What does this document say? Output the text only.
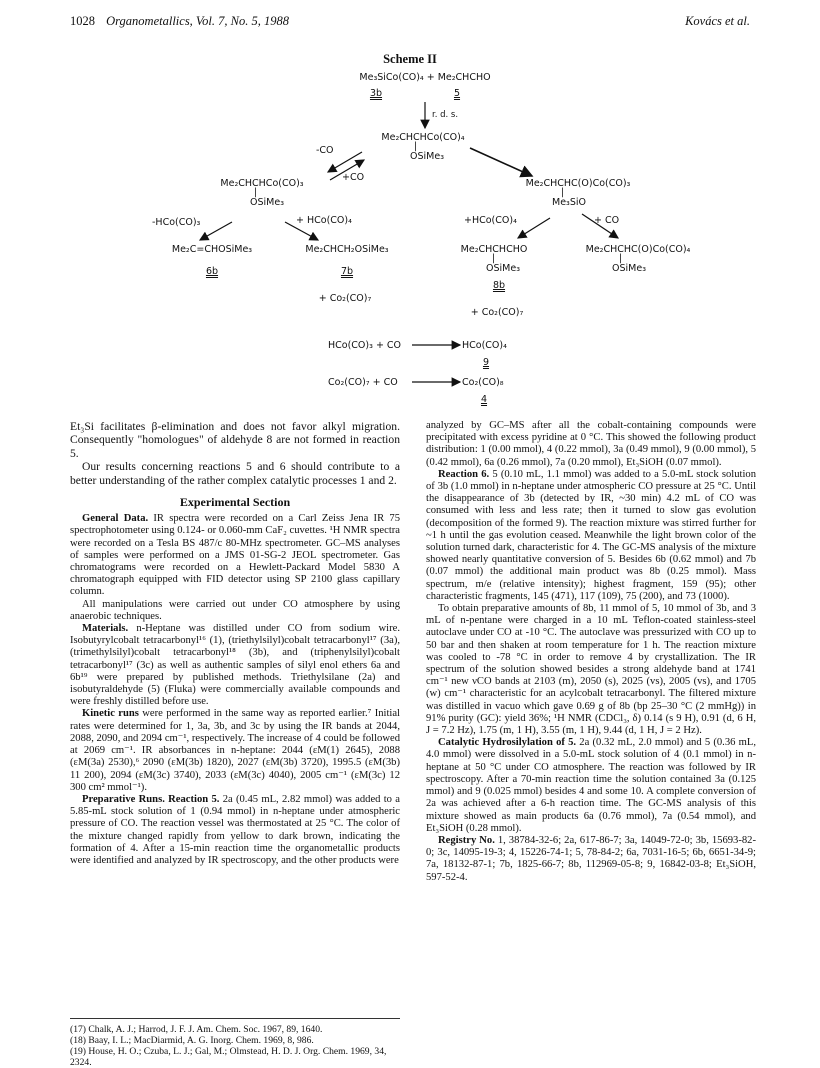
1028 Organometallics, Vol. 7, No. 5, 1988	Kovács et al.
Scheme II
Me₃SiCo(CO)₄ + Me₂CHCHO
3b	5
r. d. s.
Me₂CHCHCo(CO)₄
|
OSiMe₃
-CO
+CO
Me₂CHCHCo(CO)₃
|
OSiMe₃
Me₂CHCHC(O)Co(CO)₃
|
Me₃SiO
-HCo(CO)₃	+ HCo(CO)₄	+HCo(CO)₄	+ CO
Me₂C=CHOSiMe₃
6b
Me₂CHCH₂OSiMe₃
7b
+ Co₂(CO)₇
Me₂CHCHCHO
|
OSiMe₃
8b
+ Co₂(CO)₇
Me₂CHCHC(O)Co(CO)₄
|
OSiMe₃
HCo(CO)₃ + CO	HCo(CO)₄
9
Co₂(CO)₇ + CO	Co₂(CO)₈
4

Et₃Si facilitates β-elimination and does not favor alkyl migration. Consequently "homologues" of aldehyde 8 are not formed in reaction 5.

Our results concerning reactions 5 and 6 should contribute to a better understanding of the rather complex catalytic processes 1 and 2.

Experimental Section

General Data. IR spectra were recorded on a Carl Zeiss Jena IR 75 spectrophotometer using 0.124- or 0.060-mm CaF₂ cuvettes. ¹H NMR spectra were recorded on a Tesla BS 487/c 80-MHz spectrometer. GC–MS analyses of samples were performed on a JMS 01-SG-2 JEOL spectrometer. Gas chromatograms were recorded on a Hewlett-Packard Model 5830 A chromatograph equipped with FID detector using SP 2100 glass capillary column.

All manipulations were carried out under CO atmosphere by using anaerobic techniques.

Materials. n-Heptane was distilled under CO from sodium wire. Isobutyrylcobalt tetracarbonyl¹⁶ (1), (triethylsilyl)cobalt tetracarbonyl¹⁷ (3a), (trimethylsilyl)cobalt tetracarbonyl¹⁸ (3b), and (triphenylsilyl)cobalt tetracarbonyl¹⁷ (3c) as well as authentic samples of silyl enol ethers 6a and 6b¹⁹ were prepared by published methods. Triethylsilane (2a) and isobutyraldehyde (5) (Fluka) were commercially available compounds and were freshly distilled before use.

Kinetic runs were performed in the same way as reported earlier.⁷ Initial rates were determined for 1, 3a, 3b, and 3c by using the IR bands at 2044, 2088, 2090, and 2094 cm⁻¹, respectively. The increase of 4 could be followed at 2069 cm⁻¹. IR absorbances in n-heptane: 2044 (εM(1) 2645), 2088 (εM(3a) 2530),⁶ 2090 (εM(3b) 1820), 2027 (εM(3b) 3720), 1995.5 (εM(3b) 11 200), 2094 (εM(3c) 3740), 2033 (εM(3c) 4040), 2005 cm⁻¹ (εM(3c) 12 300 cm² mmol⁻¹).

Preparative Runs. Reaction 5. 2a (0.45 mL, 2.82 mmol) was added to a 5.85-mL stock solution of 1 (0.94 mmol) in n-heptane under atmospheric pressure of CO. The reaction vessel was thermostated at 25 °C. The color of the mixture changed rapidly from yellow to dark brown, indicating the formation of 4. After a 15-min reaction time the organometallic products were identified and analyzed by IR spectroscopy, and the other products were

(17) Chalk, A. J.; Harrod, J. F. J. Am. Chem. Soc. 1967, 89, 1640.
(18) Baay, I. L.; MacDiarmid, A. G. Inorg. Chem. 1969, 8, 986.
(19) House, H. O.; Czuba, L. J.; Gal, M.; Olmstead, H. D. J. Org. Chem. 1969, 34, 2324.

analyzed by GC–MS after all the cobalt-containing compounds were precipitated with excess pyridine at 0 °C. This showed the following product distribution: 1 (0.00 mmol), 4 (0.22 mmol), 3a (0.49 mmol), 9 (0.00 mmol), 5 (0.42 mmol), 6a (0.26 mmol), 7a (0.20 mmol), Et₃SiOH (0.07 mmol).

Reaction 6. 5 (0.10 mL, 1.1 mmol) was added to a 5.0-mL stock solution of 3b (1.0 mmol) in n-heptane under atmospheric CO pressure at 25 °C. Until the disappearance of 3b (detected by IR, ~30 min) 4.2 mL of CO was consumed with less and less rate; then it turned to slow gas evolution (decomposition of the formed 9). The reaction mixture was stirred further for ~1 h until the gas evolution ceased. Meanwhile the light brown color of the solution turned dark, characteristic for 4. The GC-MS analysis of the mixture showed nearly quantitative conversion of 5. Besides 6b (0.62 mmol) and 7b (0.07 mmol) the additional main product was 8b (0.25 mmol). Mass spectrum, m/e (relative intensity); highest fragment, 159 (95); other characteristic fragments, 145 (471), 117 (109), 75 (200), and 73 (1000).

To obtain preparative amounts of 8b, 11 mmol of 5, 10 mmol of 3b, and 3 mL of n-pentane were charged in a 10 mL Teflon-coated stainless-steel autoclave under CO at -10 °C. The autoclave was pressurized with CO up to 50 bar and then shaken at room temperature for 1 h. The reaction mixture was cooled to -78 °C in order to remove 4 by crystallization. The IR spectrum of the solution showed besides a strong aldehyde band at 1741 cm⁻¹ new νCO bands at 2103 (m), 2050 (s), 2025 (vs), 2005 (vs), and 1705 (w) cm⁻¹ characteristic for an acylcobalt tetracarbonyl. The filtered mixture was distilled in vacuo which gave 0.69 g of 8b (bp 25–30 °C (2 mmHg)) in 91% purity (GC): yield 36%; ¹H NMR (CDCl₃, δ) 0.14 (s 9 H), 0.91 (d, 6 H, J = 7.2 Hz), 1.75 (m, 1 H), 3.55 (m, 1 H), 9.44 (d, 1 H, J = 2 Hz).

Catalytic Hydrosilylation of 5. 2a (0.32 mL, 2.0 mmol) and 5 (0.36 mL, 4.0 mmol) were dissolved in a 5.0-mL stock solution of 4 (0.1 mmol) in n-heptane at 50 °C under CO atmosphere. The reaction was followed by IR spectroscopy. After a 70-min reaction time the solution contained 3a (0.125 mmol) and 9 (0.025 mmol) besides 4 and some 10. A complete conversion of 2a was achieved after a 6-h reaction time. The GC-MS analysis of this mixture showed as main products 6a (0.76 mmol), 7a (0.54 mmol), and Et₃SiOH (0.28 mmol).

Registry No. 1, 38784-32-6; 2a, 617-86-7; 3a, 14049-72-0; 3b, 15693-82-0; 3c, 14095-19-3; 4, 15226-74-1; 5, 78-84-2; 6a, 7031-16-5; 6b, 6651-34-9; 7a, 18132-87-1; 7b, 1825-66-7; 8b, 112969-05-8; 9, 16842-03-8; Et₃SiOH, 597-52-4.
